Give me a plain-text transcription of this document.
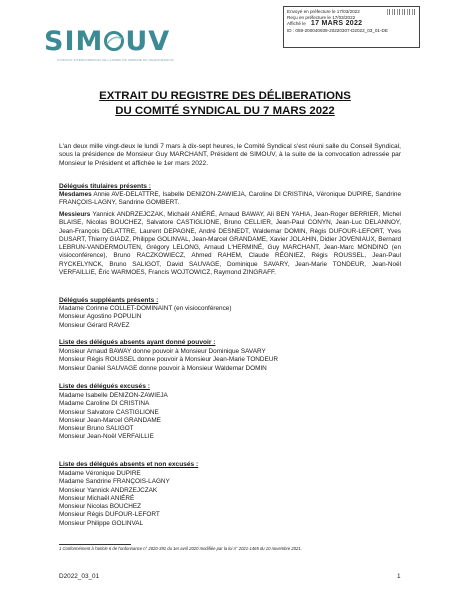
SIM UV
SYNDICAT INTERCOMMUNAL DE LA MOBILITE URBAINE DU VALENCIENNOIS
Envoyé en préfecture le 17/03/2022
Reçu en préfecture le 17/03/2022
Affiché le 17 MARS 2022
ID : 059-200040939-20220307-D2022_03_01-DE
EXTRAIT DU REGISTRE DES DÉLIBERATIONS
DU COMITÉ SYNDICAL DU 7 MARS 2022
L'an deux mille vingt-deux le lundi 7 mars à dix-sept heures, le Comité Syndical s'est réuni salle du Conseil Syndical, sous la présidence de Monsieur Guy MARCHANT, Président de SIMOUV, à la suite de la convocation adressée par Monsieur le Président et affichée le 1er mars 2022.
Délégués titulaires présents :
Mesdames Annie AVE-DELATTRE, Isabelle DENIZON-ZAWIEJA, Caroline DI CRISTINA, Véronique DUPIRE, Sandrine FRANÇOIS-LAGNY, Sandrine GOMBERT.
Messieurs Yannick ANDRZEJCZAK, Michaël ANIÉRÉ, Arnaud BAWAY, Ali BEN YAHIA, Jean-Roger BERRIER, Michel BLAISE, Nicolas BOUCHEZ, Salvatore CASTIGLIONE, Bruno CELLIER, Jean-Paul CONYN, Jean-Luc DELANNOY, Jean-François DELATTRE, Laurent DEPAGNE, André DESNEDT, Waldemar DOMIN, Régis DUFOUR-LEFORT, Yves DUSART, Thierry GIADZ, Philippe GOLINVAL, Jean-Marcel GRANDAME, Xavier JOLAHIN, Didier JOVENIAUX, Bernard LEBRUN-VANDERMOUTEN, Grégory LELONG, Arnaud L'HERMINÉ, Guy MARCHANT, Jean-Marc MONDINO (en visioconférence), Bruno RACZKOWIECZ, Ahmed RAHEM, Claude RÉGNIEZ, Régis ROUSSEL, Jean-Paul RYCKELYNCK, Bruno SALIGOT, David SAUVAGE, Dominique SAVARY, Jean-Marie TONDEUR, Jean-Noël VERFAILLIE, Éric WARMOES, Francis WOJTOWICZ, Raymond ZINGRAFF.
Délégués suppléants présents :
Madame Corinne COLLET-DOMINAINT (en visioconférence)
Monsieur Agostino POPULIN
Monsieur Gérard RAVEZ
Liste des délégués absents ayant donné pouvoir :
Monsieur Arnaud BAWAY donne pouvoir à Monsieur Dominique SAVARY
Monsieur Régis ROUSSEL donne pouvoir à Monsieur Jean-Marie TONDEUR
Monsieur Daniel SAUVAGE donne pouvoir à Monsieur Waldemar DOMIN
Liste des délégués excusés :
Madame Isabelle DENIZON-ZAWIEJA
Madame Caroline DI CRISTINA
Monsieur Salvatore CASTIGLIONE
Monsieur Jean-Marcel GRANDAME
Monsieur Bruno SALIGOT
Monsieur Jean-Noël VERFAILLIE
Liste des délégués absents et non excusés :
Madame Véronique DUPIRE
Madame Sandrine FRANÇOIS-LAGNY
Monsieur Yannick ANDRZEJCZAK
Monsieur Michaël ANIÉRÉ
Monsieur Nicolas BOUCHEZ
Monsieur Régis DUFOUR-LEFORT
Monsieur Philippe GOLINVAL
1 Conformément à l'article 6 de l'ordonnance n° 2020-391 du 1er avril 2020 modifiée par la loi n° 2021-1465 du 10 novembre 2021.
D2022_03_01	1
